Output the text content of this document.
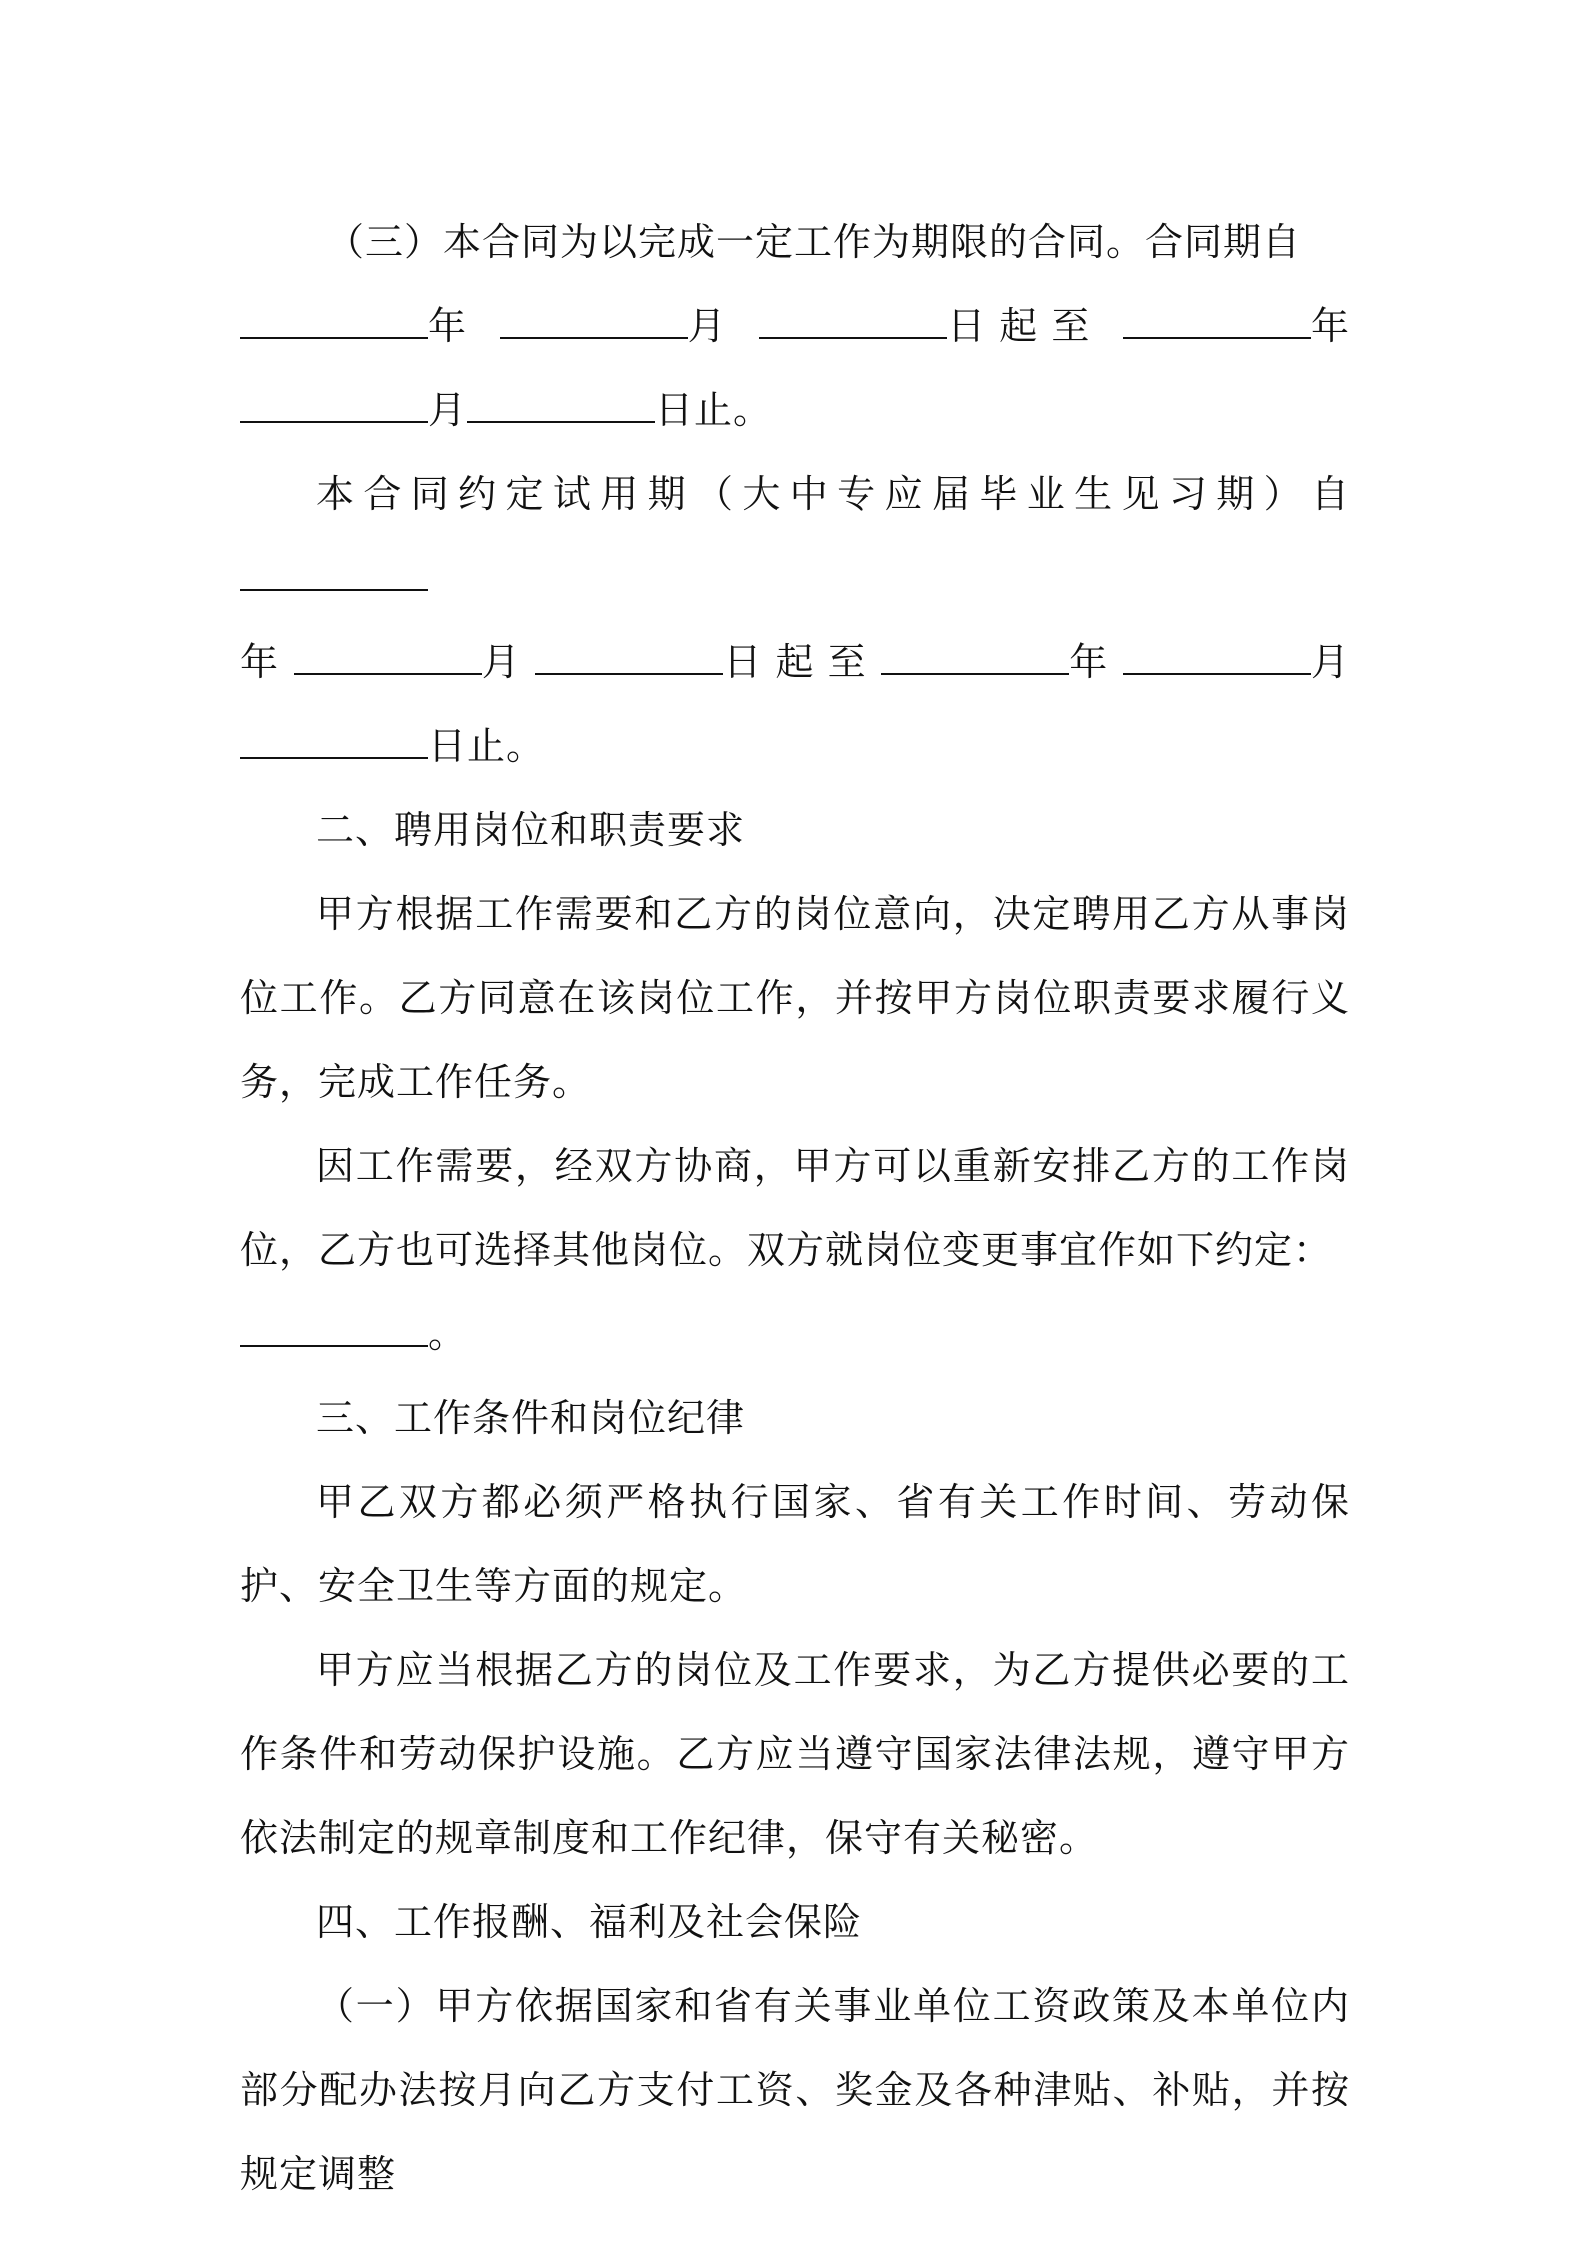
（三）本合同为以完成一定工作为期限的合同。合同期自
年	月	日 起 至	年
月	日止。
本合同约定试用期（大中专应届毕业生见习期）自
年	月	日 起 至	年	月
日止。
二、聘用岗位和职责要求
甲方根据工作需要和乙方的岗位意向，决定聘用乙方从事岗位工作。乙方同意在该岗位工作，并按甲方岗位职责要求履行义务，完成工作任务。
因工作需要，经双方协商，甲方可以重新安排乙方的工作岗位，乙方也可选择其他岗位。双方就岗位变更事宜作如下约定：
。
三、工作条件和岗位纪律
甲乙双方都必须严格执行国家、省有关工作时间、劳动保护、安全卫生等方面的规定。
甲方应当根据乙方的岗位及工作要求，为乙方提供必要的工作条件和劳动保护设施。乙方应当遵守国家法律法规，遵守甲方依法制定的规章制度和工作纪律，保守有关秘密。
四、工作报酬、福利及社会保险
（一）甲方依据国家和省有关事业单位工资政策及本单位内部分配办法按月向乙方支付工资、奖金及各种津贴、补贴，并按规定调整
